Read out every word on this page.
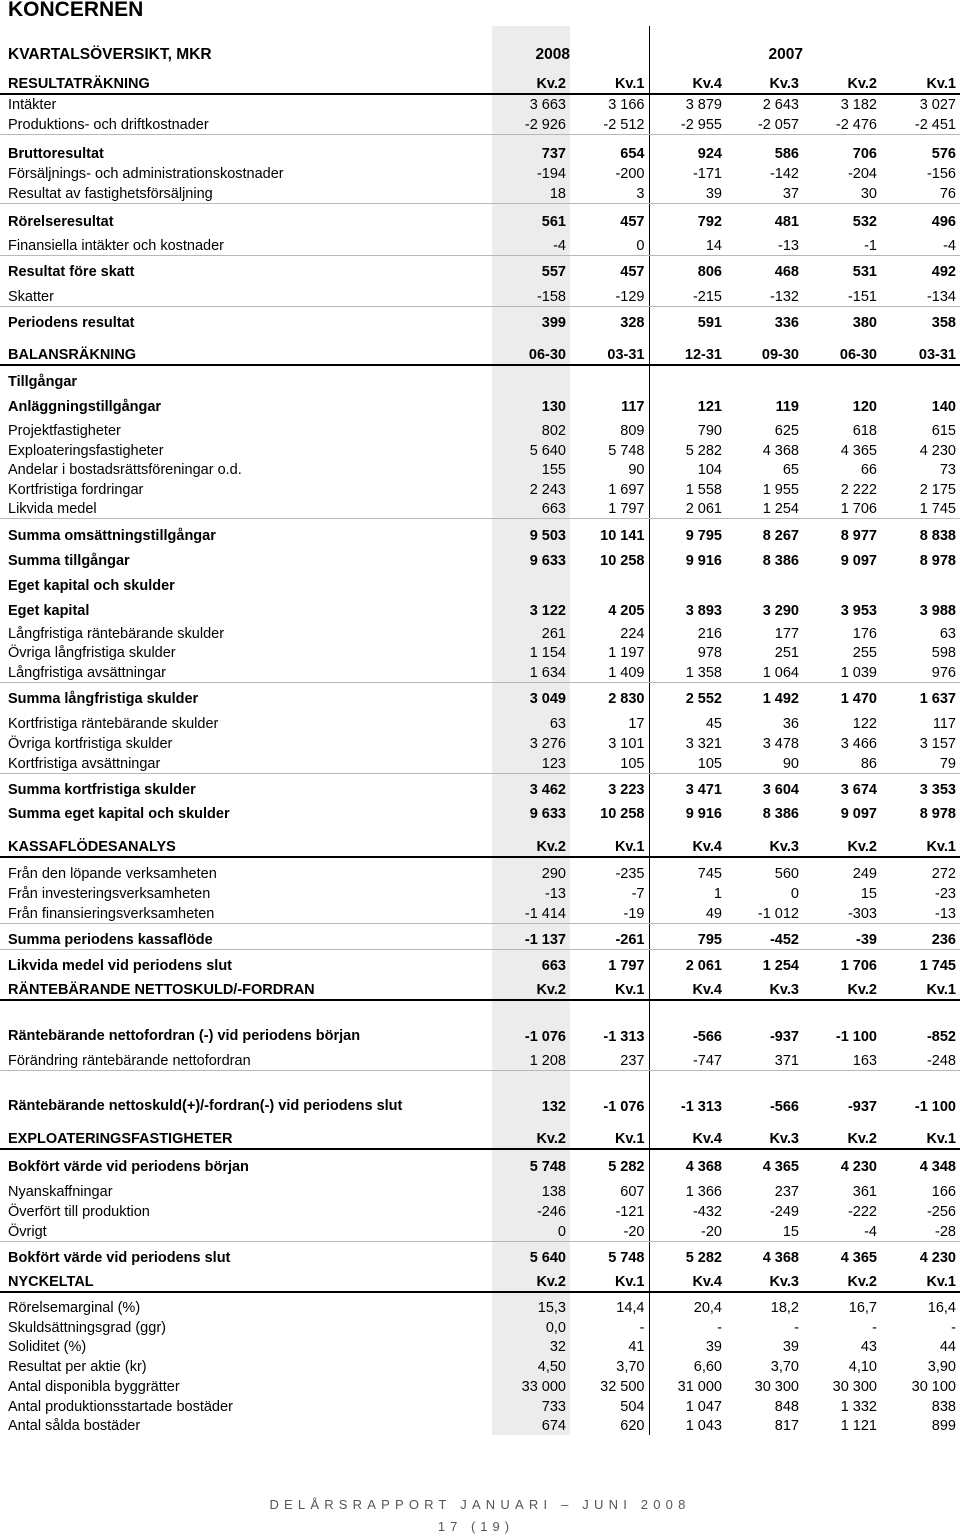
KONCERNEN
KVARTALSÖVERSIKT, MKR	2008			2007		
RESULTATRÄKNING	Kv.2	Kv.1	Kv.4	Kv.3	Kv.2	Kv.1
Intäkter	3 663	3 166	3 879	2 643	3 182	3 027
Produktions- och driftkostnader	-2 926	-2 512	-2 955	-2 057	-2 476	-2 451
Bruttoresultat	737	654	924	586	706	576
Försäljnings- och administrationskostnader	-194	-200	-171	-142	-204	-156
Resultat av fastighetsförsäljning	18	3	39	37	30	76
Rörelseresultat	561	457	792	481	532	496
Finansiella intäkter och kostnader	-4	0	14	-13	-1	-4
Resultat före skatt	557	457	806	468	531	492
Skatter	-158	-129	-215	-132	-151	-134
Periodens resultat	399	328	591	336	380	358
BALANSRÄKNING	06-30	03-31	12-31	09-30	06-30	03-31
Tillgångar						
Anläggningstillgångar	130	117	121	119	120	140
Projektfastigheter	802	809	790	625	618	615
Exploateringsfastigheter	5 640	5 748	5 282	4 368	4 365	4 230
Andelar i bostadsrättsföreningar o.d.	155	90	104	65	66	73
Kortfristiga fordringar	2 243	1 697	1 558	1 955	2 222	2 175
Likvida medel	663	1 797	2 061	1 254	1 706	1 745
Summa omsättningstillgångar	9 503	10 141	9 795	8 267	8 977	8 838
Summa tillgångar	9 633	10 258	9 916	8 386	9 097	8 978
Eget kapital och skulder						
Eget kapital	3 122	4 205	3 893	3 290	3 953	3 988
Långfristiga räntebärande skulder	261	224	216	177	176	63
Övriga långfristiga skulder	1 154	1 197	978	251	255	598
Långfristiga avsättningar	1 634	1 409	1 358	1 064	1 039	976
Summa långfristiga skulder	3 049	2 830	2 552	1 492	1 470	1 637
Kortfristiga räntebärande skulder	63	17	45	36	122	117
Övriga kortfristiga skulder	3 276	3 101	3 321	3 478	3 466	3 157
Kortfristiga avsättningar	123	105	105	90	86	79
Summa kortfristiga skulder	3 462	3 223	3 471	3 604	3 674	3 353
Summa eget kapital och skulder	9 633	10 258	9 916	8 386	9 097	8 978
KASSAFLÖDESANALYS	Kv.2	Kv.1	Kv.4	Kv.3	Kv.2	Kv.1
Från den löpande verksamheten	290	-235	745	560	249	272
Från investeringsverksamheten	-13	-7	1	0	15	-23
Från finansieringsverksamheten	-1 414	-19	49	-1 012	-303	-13
Summa periodens kassaflöde	-1 137	-261	795	-452	-39	236
Likvida medel vid periodens slut	663	1 797	2 061	1 254	1 706	1 745
RÄNTEBÄRANDE NETTOSKULD/-FORDRAN	Kv.2	Kv.1	Kv.4	Kv.3	Kv.2	Kv.1
Räntebärande nettofordran (-) vid periodens början	-1 076	-1 313	-566	-937	-1 100	-852
Förändring räntebärande nettofordran	1 208	237	-747	371	163	-248
Räntebärande nettoskuld(+)/-fordran(-) vid periodens slut	132	-1 076	-1 313	-566	-937	-1 100
EXPLOATERINGSFASTIGHETER	Kv.2	Kv.1	Kv.4	Kv.3	Kv.2	Kv.1
Bokfört värde vid periodens början	5 748	5 282	4 368	4 365	4 230	4 348
Nyanskaffningar	138	607	1 366	237	361	166
Överfört till produktion	-246	-121	-432	-249	-222	-256
Övrigt	0	-20	-20	15	-4	-28
Bokfört värde vid periodens slut	5 640	5 748	5 282	4 368	4 365	4 230
NYCKELTAL	Kv.2	Kv.1	Kv.4	Kv.3	Kv.2	Kv.1
Rörelsemarginal (%)	15,3	14,4	20,4	18,2	16,7	16,4
Skuldsättningsgrad (ggr)	0,0	-	-	-	-	-
Soliditet (%)	32	41	39	39	43	44
Resultat per aktie (kr)	4,50	3,70	6,60	3,70	4,10	3,90
Antal disponibla byggrätter	33 000	32 500	31 000	30 300	30 300	30 100
Antal produktionsstartade bostäder	733	504	1 047	848	1 332	838
Antal sålda bostäder	674	620	1 043	817	1 121	899
DELÅRSRAPPORT JANUARI – JUNI 2008
17 (19)
